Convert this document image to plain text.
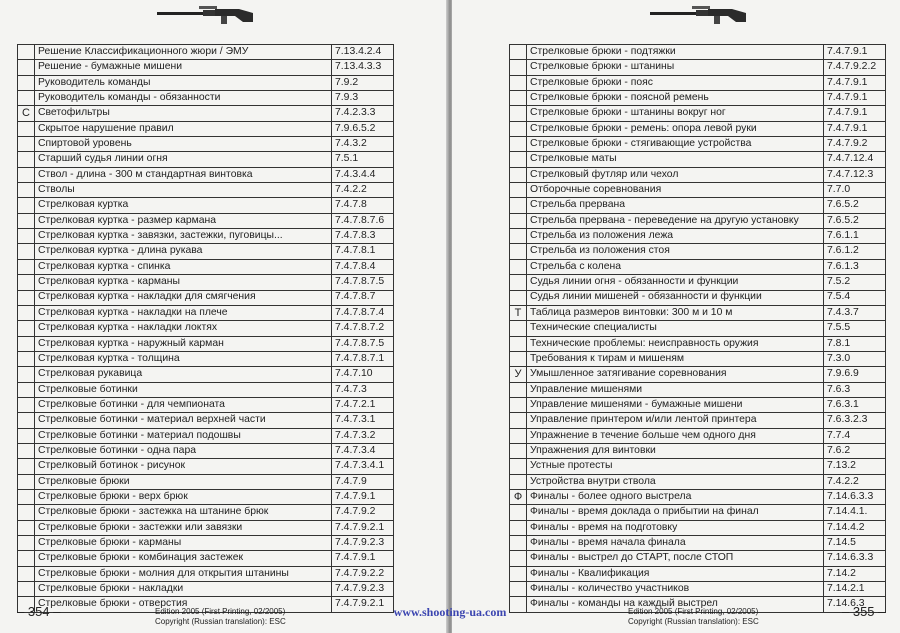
	Решение Классификационного жюри / ЭМУ	7.13.4.2.4
	Решение - бумажные мишени	7.13.4.3.3
	Руководитель команды	7.9.2
	Руководитель команды - обязанности	7.9.3
С	Светофильтры	7.4.2.3.3
	Скрытое нарушение правил	7.9.6.5.2
	Спиртовой уровень	7.4.3.2
	Старший судья линии огня	7.5.1
	Ствол - длина - 300 м стандартная винтовка	7.4.3.4.4
	Стволы	7.4.2.2
	Стрелковая куртка	7.4.7.8
	Стрелковая куртка - размер кармана	7.4.7.8.7.6
	Стрелковая куртка - завязки, застежки, пуговицы...	7.4.7.8.3
	Стрелковая куртка - длина рукава	7.4.7.8.1
	Стрелковая куртка - спинка	7.4.7.8.4
	Стрелковая куртка - карманы	7.4.7.8.7.5
	Стрелковая куртка - накладки для смягчения	7.4.7.8.7
	Стрелковая куртка - накладки на плече	7.4.7.8.7.4
	Стрелковая куртка - накладки локтях	7.4.7.8.7.2
	Стрелковая куртка - наружный карман	7.4.7.8.7.5
	Стрелковая куртка - толщина	7.4.7.8.7.1
	Стрелковая рукавица	7.4.7.10
	Стрелковые ботинки	7.4.7.3
	Стрелковые ботинки - для чемпионата	7.4.7.2.1
	Стрелковые ботинки - материал верхней части	7.4.7.3.1
	Стрелковые ботинки - материал подошвы	7.4.7.3.2
	Стрелковые ботинки - одна пара	7.4.7.3.4
	Стрелковый ботинок - рисунок	7.4.7.3.4.1
	Стрелковые брюки	7.4.7.9
	Стрелковые брюки - верх брюк	7.4.7.9.1
	Стрелковые брюки - застежка на штанине брюк	7.4.7.9.2
	Стрелковые брюки - застежки или завязки	7.4.7.9.2.1
	Стрелковые брюки - карманы	7.4.7.9.2.3
	Стрелковые брюки - комбинация застежек	7.4.7.9.1
	Стрелковые брюки - молния для открытия штанины	7.4.7.9.2.2
	Стрелковые брюки - накладки	7.4.7.9.2.3
	Стрелковые брюки - отверстия	7.4.7.9.2.1
– 354 –	Edition 2005 (First Printing, 02/2005)
Copyright (Russian translation): ESC
	Стрелковые брюки - подтяжки	7.4.7.9.1
	Стрелковые брюки - штанины	7.4.7.9.2.2
	Стрелковые брюки - пояс	7.4.7.9.1
	Стрелковые брюки - поясной ремень	7.4.7.9.1
	Стрелковые брюки - штанины вокруг ног	7.4.7.9.1
	Стрелковые брюки - ремень: опора левой руки	7.4.7.9.1
	Стрелковые брюки - стягивающие устройства	7.4.7.9.2
	Стрелковые маты	7.4.7.12.4
	Стрелковый футляр или чехол	7.4.7.12.3
	Отборочные соревнования	7.7.0
	Стрельба прервана	7.6.5.2
	Стрельба прервана - переведение на другую установку	7.6.5.2
	Стрельба из положения лежа	7.6.1.1
	Стрельба из положения стоя	7.6.1.2
	Стрельба с колена	7.6.1.3
	Судья линии огня - обязанности и функции	7.5.2
	Судья линии мишеней - обязанности и функции	7.5.4
Т	Таблица размеров винтовки: 300 м и 10 м	7.4.3.7
	Технические специалисты	7.5.5
	Технические проблемы: неисправность оружия	7.8.1
	Требования к тирам и мишеням	7.3.0
У	Умышленное затягивание соревнования	7.9.6.9
	Управление мишенями	7.6.3
	Управление мишенями - бумажные мишени	7.6.3.1
	Управление принтером и/или лентой принтера	7.6.3.2.3
	Упражнение в течение больше чем одного дня	7.7.4
	Упражнения для винтовки	7.6.2
	Устные протесты	7.13.2
	Устройства внутри ствола	7.4.2.2
Ф	Финалы - более одного выстрела	7.14.6.3.3
	Финалы - время доклада о прибытии на финал	7.14.4.1.
	Финалы - время на подготовку	7.14.4.2
	Финалы - время начала финала	7.14.5
	Финалы - выстрел до СТАРТ, после СТОП	7.14.6.3.3
	Финалы - Квалификация	7.14.2
	Финалы - количество участников	7.14.2.1
	Финалы - команды на каждый выстрел	7.14.6.3
Edition 2005 (First Printing, 02/2005)
Copyright (Russian translation): ESC
– 355 –
www.shooting-ua.com
